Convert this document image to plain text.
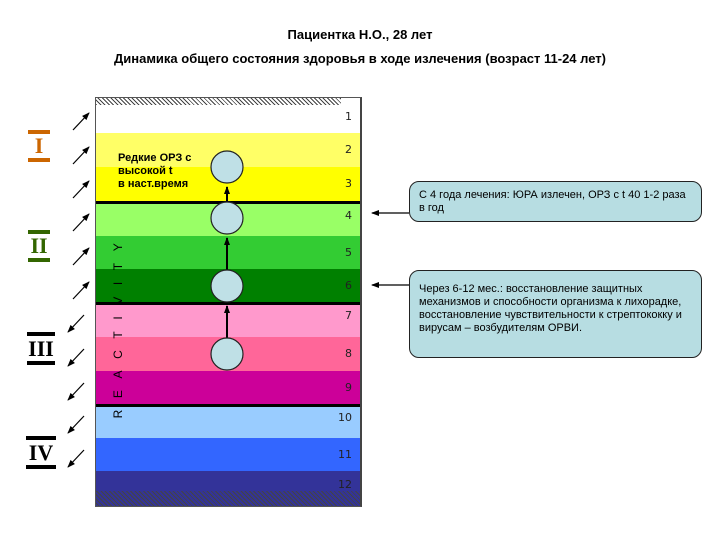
Пациентка Н.О., 28 лет
Динамика общего состояния здоровья в ходе излечения (возраст 11-24 лет)
I
II
III
IV
1
2
3
4
5
6
7
8
9
10
11
12
REACTIVITY
Редкие ОРЗ с
высокой t
в наст.время
С 4 года лечения: ЮРА излечен, ОРЗ с t 40 1-2 раза в год
Через 6-12 мес.: восстановление защитных механизмов и способности организма к лихорадке, восстановление чувствительности к стрептококку и вирусам – возбудителям ОРВИ.
